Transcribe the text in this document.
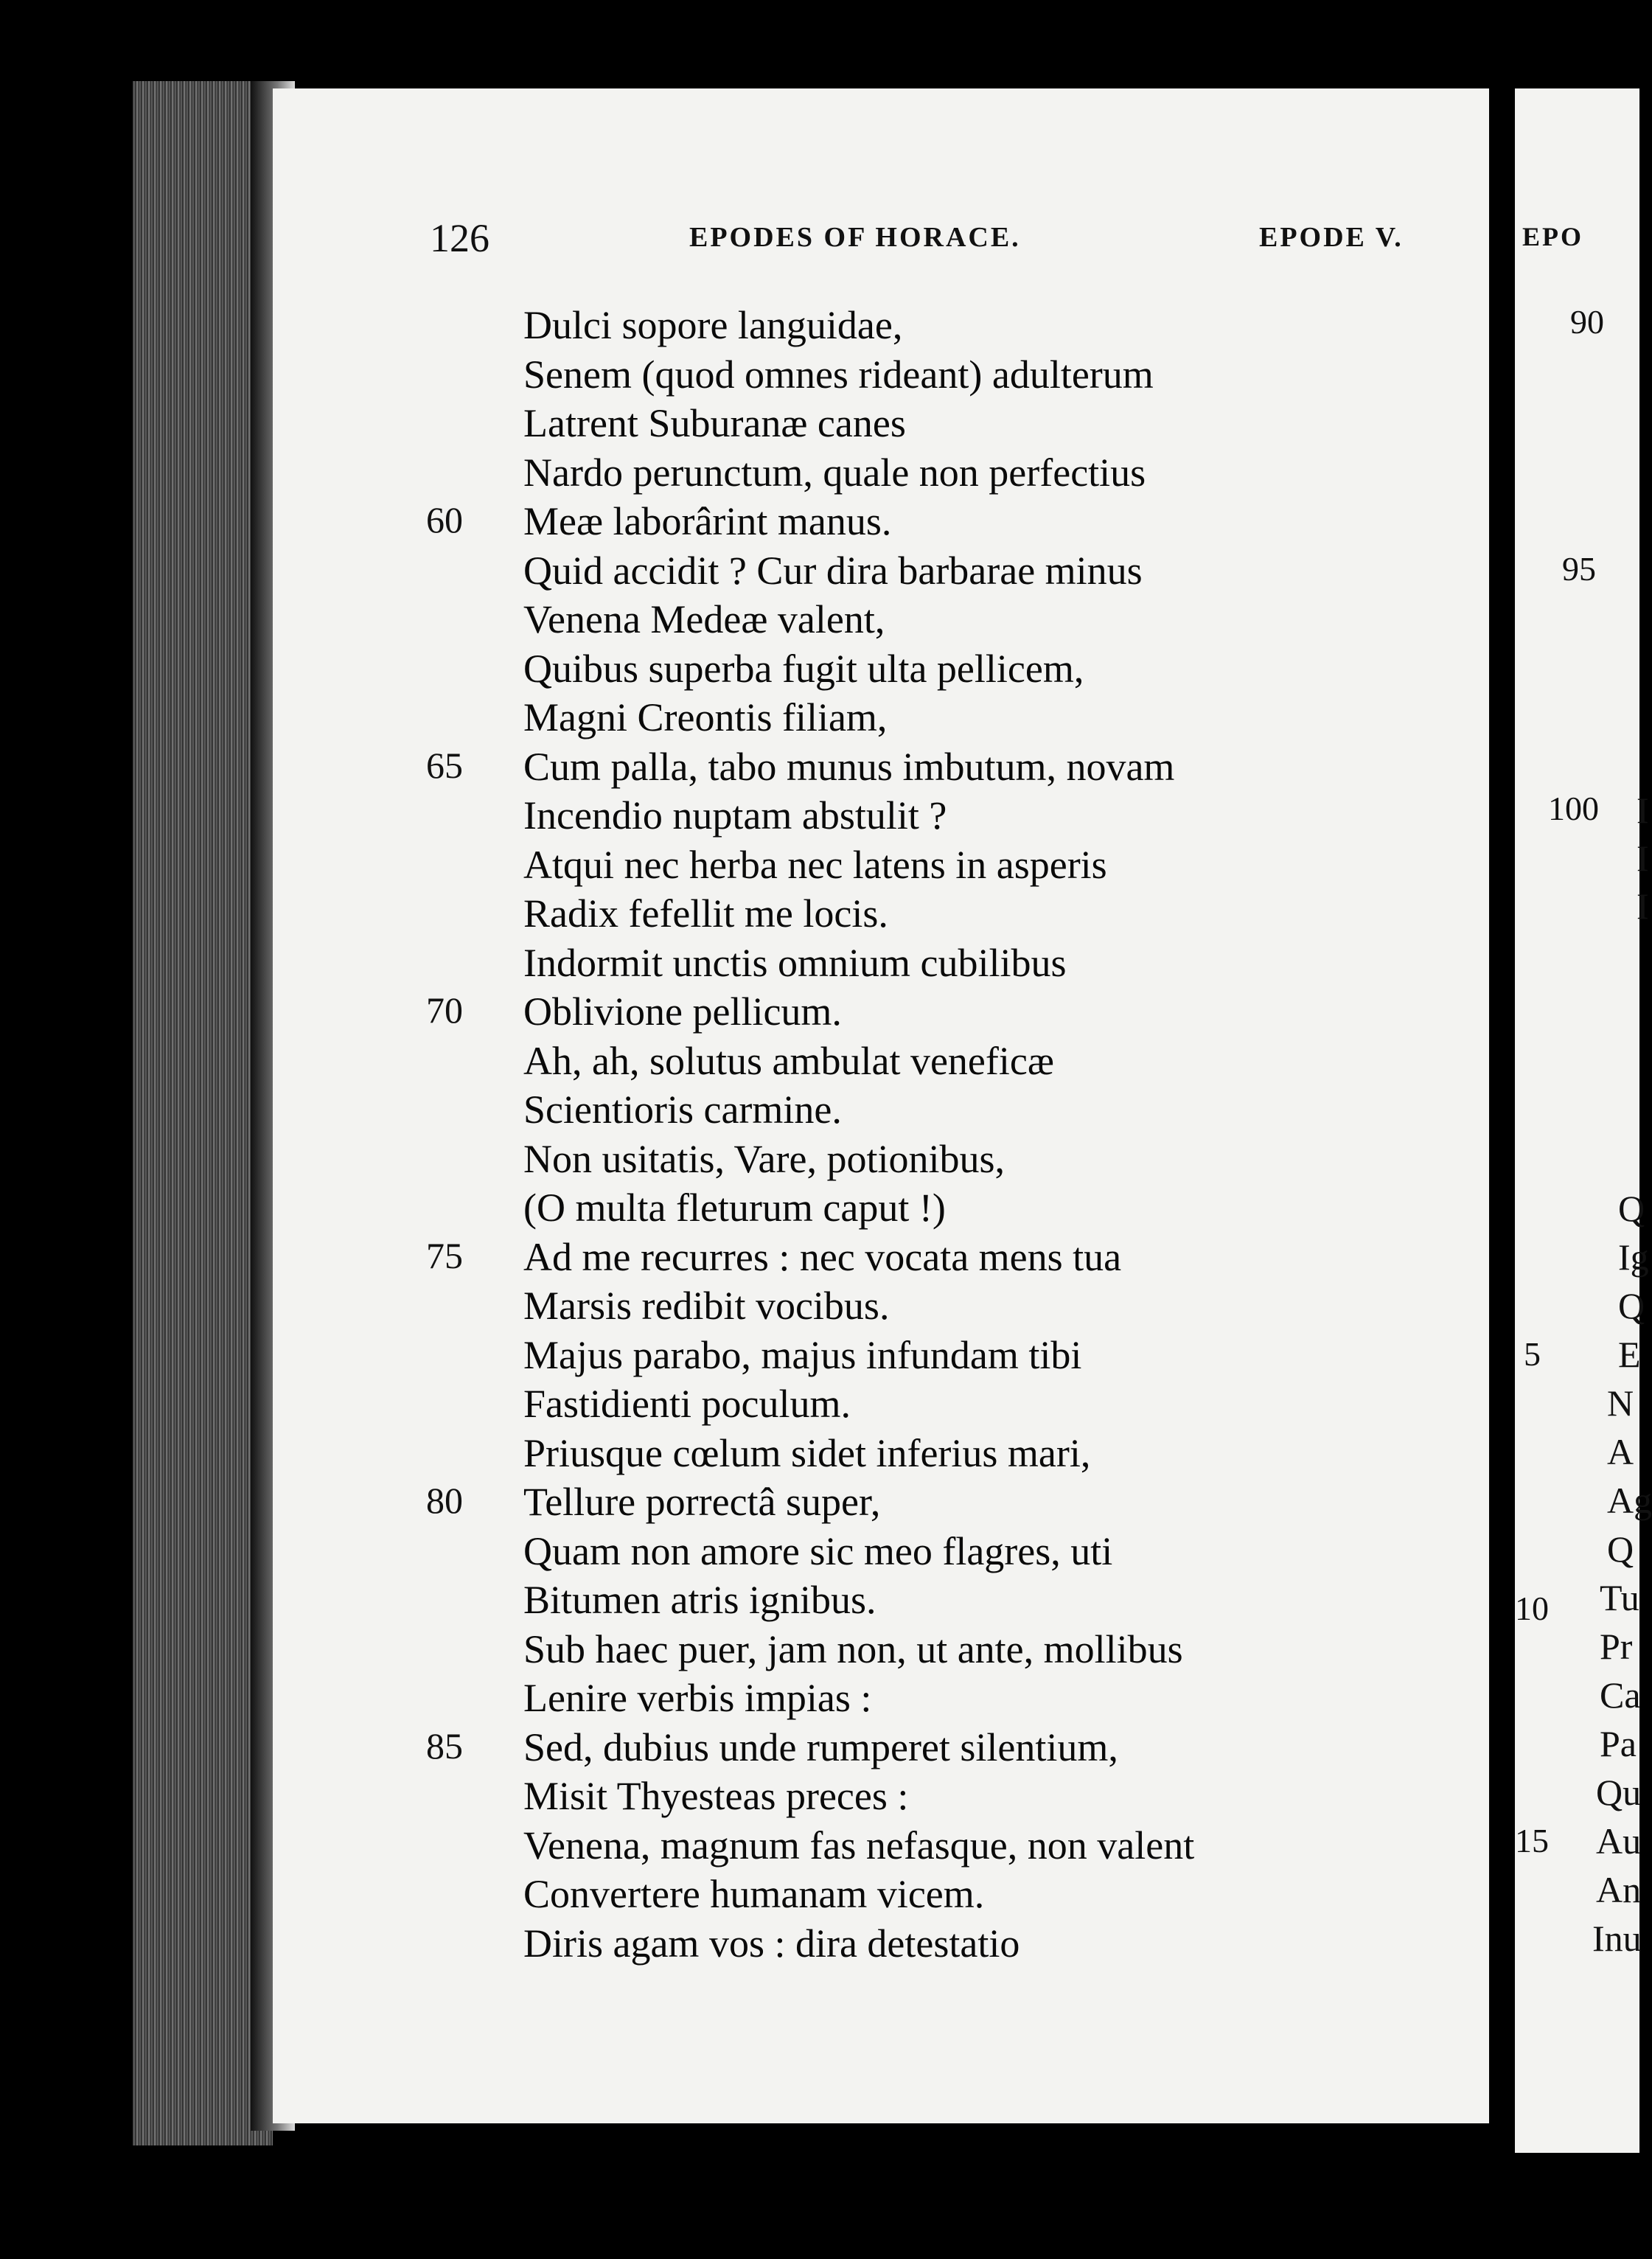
EPO
90
95
100
5
10
15
I
I
I
Q
Ig
Q
E
N
A
Ag
Q
Tu
Pr
Ca
Pa
Qu
Au
An
Inu
126	EPODES OF HORACE.	EPODE V.
Dulci sopore languidae,
Senem (quod omnes rideant) adulterum
Latrent Suburanæ canes
Nardo perunctum, quale non perfectius
60 Meæ laborârint manus.
Quid accidit ? Cur dira barbarae minus
Venena Medeæ valent,
Quibus superba fugit ulta pellicem,
Magni Creontis filiam,
65 Cum palla, tabo munus imbutum, novam
Incendio nuptam abstulit ?
Atqui nec herba nec latens in asperis
Radix fefellit me locis.
Indormit unctis omnium cubilibus
70 Oblivione pellicum.
Ah, ah, solutus ambulat veneficæ
Scientioris carmine.
Non usitatis, Vare, potionibus,
(O multa fleturum caput !)
75 Ad me recurres : nec vocata mens tua
Marsis redibit vocibus.
Majus parabo, majus infundam tibi
Fastidienti poculum.
Priusque cœlum sidet inferius mari,
80 Tellure porrectâ super,
Quam non amore sic meo flagres, uti
Bitumen atris ignibus.
Sub haec puer, jam non, ut ante, mollibus
Lenire verbis impias :
85 Sed, dubius unde rumperet silentium,
Misit Thyesteas preces :
Venena, magnum fas nefasque, non valent
Convertere humanam vicem.
Diris agam vos : dira detestatio
